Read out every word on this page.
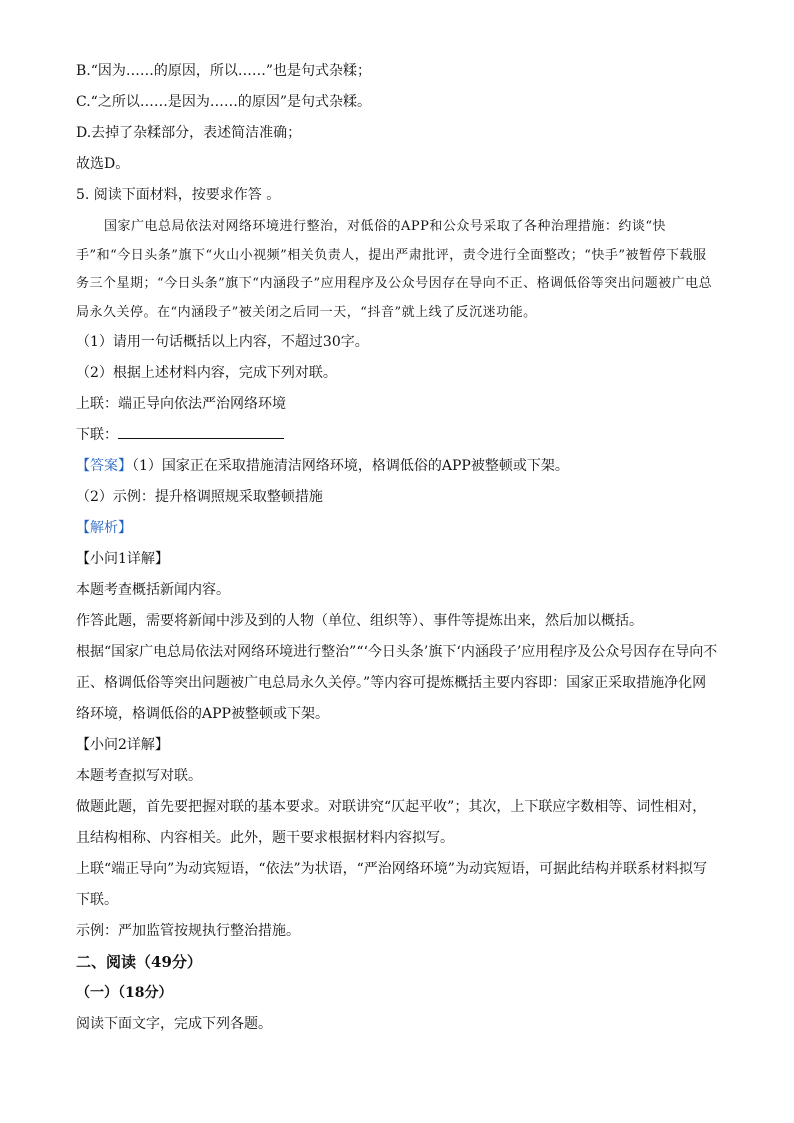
B.“因为……的原因，所以……”也是句式杂糅；
C.“之所以……是因为……的原因”是句式杂糅。
D.去掉了杂糅部分，表述简洁准确；
故选D。
5. 阅读下面材料，按要求作答 。

国家广电总局依法对网络环境进行整治，对低俗的APP和公众号采取了各种治理措施：约谈“快手”和“今日头条”旗下“火山小视频”相关负责人，提出严肃批评，责令进行全面整改；“快手”被暂停下载服务三个星期；“今日头条”旗下“内涵段子”应用程序及公众号因存在导向不正、格调低俗等突出问题被广电总局永久关停。在“内涵段子”被关闭之后同一天，“抖音”就上线了反沉迷功能。

（1）请用一句话概括以上内容，不超过30字。
（2）根据上述材料内容，完成下列对联。
上联：端正导向依法严治网络环境
下联：
【答案】（1）国家正在采取措施清洁网络环境，格调低俗的APP被整顿或下架。
（2）示例：提升格调照规采取整顿措施
【解析】
【小问1详解】
本题考查概括新闻内容。
作答此题，需要将新闻中涉及到的人物（单位、组织等）、事件等提炼出来，然后加以概括。
根据“国家广电总局依法对网络环境进行整治”“‘今日头条’旗下‘内涵段子’应用程序及公众号因存在导向不正、格调低俗等突出问题被广电总局永久关停。”等内容可提炼概括主要内容即：国家正采取措施净化网络环境，格调低俗的APP被整顿或下架。
【小问2详解】
本题考查拟写对联。
做题此题，首先要把握对联的基本要求。对联讲究“仄起平收”；其次，上下联应字数相等、词性相对，且结构相称、内容相关。此外，题干要求根据材料内容拟写。
上联“端正导向”为动宾短语，“依法”为状语，“严治网络环境”为动宾短语，可据此结构并联系材料拟写下联。
示例：严加监管按规执行整治措施。
二、阅读（49分）
（一）（18分）
阅读下面文字，完成下列各题。
